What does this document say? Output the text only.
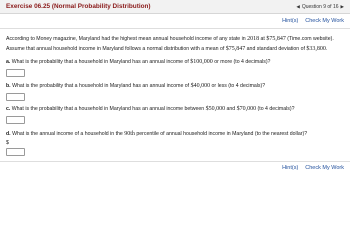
Exercise 06.25 (Normal Probability Distribution)	◀ Question 9 of 16 ▶
Hint(s) Check My Work
According to Money magazine, Maryland had the highest mean annual household income of any state in 2018 at $75,847 (Time.com website). Assume that annual household income in Maryland follows a normal distribution with a mean of $75,847 and standard deviation of $33,800.
a. What is the probability that a household in Maryland has an annual income of $100,000 or more (to 4 decimals)?
b. What is the probability that a household in Maryland has an annual income of $40,000 or less (to 4 decimals)?
c. What is the probability that a household in Maryland has an annual income between $50,000 and $70,000 (to 4 decimals)?
d. What is the annual income of a household in the 90th percentile of annual household income in Maryland (to the nearest dollar)?
$
Hint(s) Check My Work
